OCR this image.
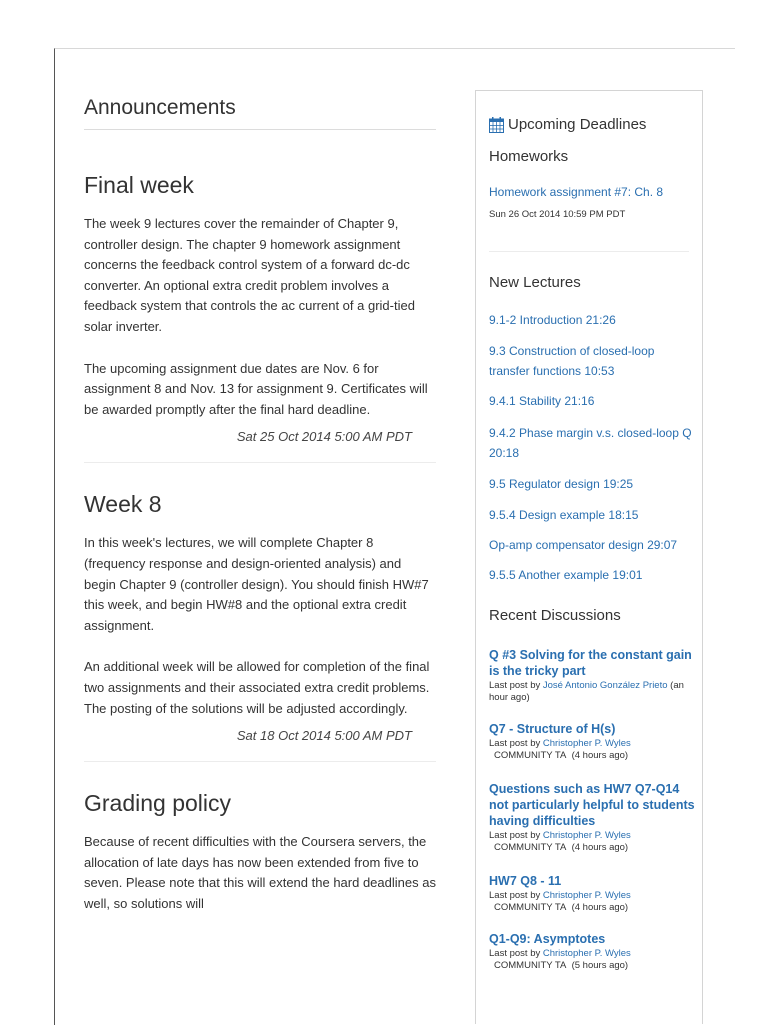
Announcements
Final week

The week 9 lectures cover the remainder of Chapter 9, controller design. The chapter 9 homework assignment concerns the feedback control system of a forward dc-dc converter. An optional extra credit problem involves a feedback system that controls the ac current of a grid-tied solar inverter.

The upcoming assignment due dates are Nov. 6 for assignment 8 and Nov. 13 for assignment 9. Certificates will be awarded promptly after the final hard deadline.

Sat 25 Oct 2014 5:00 AM PDT
Week 8

In this week's lectures, we will complete Chapter 8 (frequency response and design-oriented analysis) and begin Chapter 9 (controller design). You should finish HW#7 this week, and begin HW#8 and the optional extra credit assignment.

An additional week will be allowed for completion of the final two assignments and their associated extra credit problems. The posting of the solutions will be adjusted accordingly.

Sat 18 Oct 2014 5:00 AM PDT
Grading policy

Because of recent difficulties with the Coursera servers, the allocation of late days has now been extended from five to seven. Please note that this will extend the hard deadlines as well, so solutions will

Upcoming Deadlines
Homeworks
Homework assignment #7: Ch. 8
Sun 26 Oct 2014 10:59 PM PDT
New Lectures
9.1-2 Introduction 21:26
9.3 Construction of closed-loop transfer functions 10:53
9.4.1 Stability 21:16
9.4.2 Phase margin v.s. closed-loop Q 20:18
9.5 Regulator design 19:25
9.5.4 Design example 18:15
Op-amp compensator design 29:07
9.5.5 Another example 19:01
Recent Discussions
Q #3 Solving for the constant gain is the tricky part
Last post by José Antonio González Prieto (an hour ago)
Q7 - Structure of H(s)
Last post by Christopher P. Wyles
COMMUNITY TA (4 hours ago)
Questions such as HW7 Q7-Q14 not particularly helpful to students having difficulties
Last post by Christopher P. Wyles
COMMUNITY TA (4 hours ago)
HW7 Q8 - 11
Last post by Christopher P. Wyles
COMMUNITY TA (4 hours ago)
Q1-Q9: Asymptotes
Last post by Christopher P. Wyles
COMMUNITY TA (5 hours ago)
